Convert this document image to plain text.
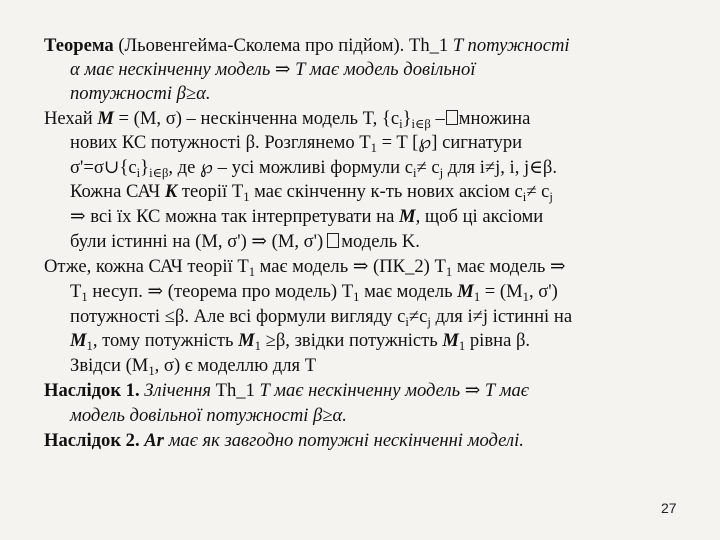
Теорема (Льовенгейма-Сколема про підйом). Th_1 T потужності
α має нескінченну модель ⇒ T має модель довільної
потужності β≥α.
Нехай M = (M, σ) – нескінченна модель T, $\{c_i\}_{i\in\beta}$ – множина
нових КС потужності β. Розглянемо $T_1 = T$ [℘] сигнатури
$\sigma'=\sigma\cup\{c_i\}_{i\in\beta}$, де ℘ – усі можливі формули $c_i\ne c_j$ для i≠j, i, j∈β.
Кожна САЧ K теорії $T_1$ має скінченну к-ть нових аксіом $c_i\ne c_j$
⇒ всі їх КС можна так інтерпретувати на M, щоб ці аксіоми
були істинні на (M, σ') ⇒ (M, σ') модель K.
Отже, кожна САЧ теорії $T_1$ має модель ⇒ (ПК_2) $T_1$ має модель ⇒
$T_1$ несуп. ⇒ (теорема про модель) $T_1$ має модель $M_1 = (M_1$, σ')
потужності ≤β. Але всі формули вигляду $c_i\ne c_j$ для i≠j істинні на
$M_1$, тому потужність $M_1 \ge\beta$, звідки потужність $M_1$ рівна β.
Звідси ($M_1$, σ) є моделлю для T
Наслідок 1. Злічення Th_1 T має нескінченну модель ⇒ T має
модель довільної потужності β≥α.
Наслідок 2. Ar має як завгодно потужні нескінченні моделі.
27
